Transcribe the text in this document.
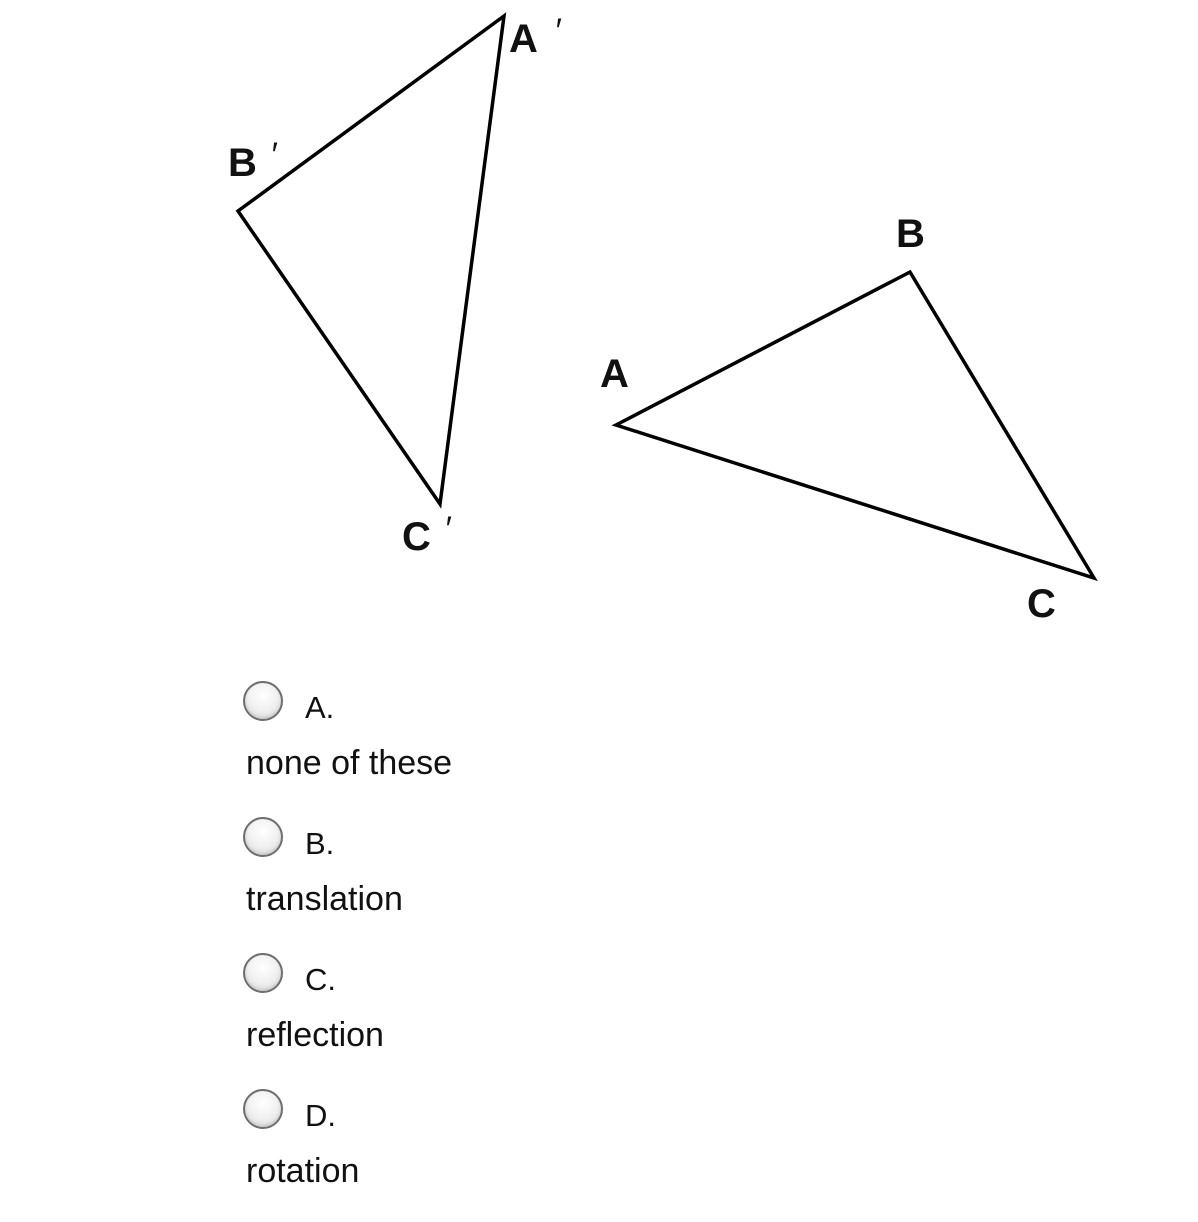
A ′
B ′
C ′
A
B
C
A.
none of these
B.
translation
C.
reflection
D.
rotation
